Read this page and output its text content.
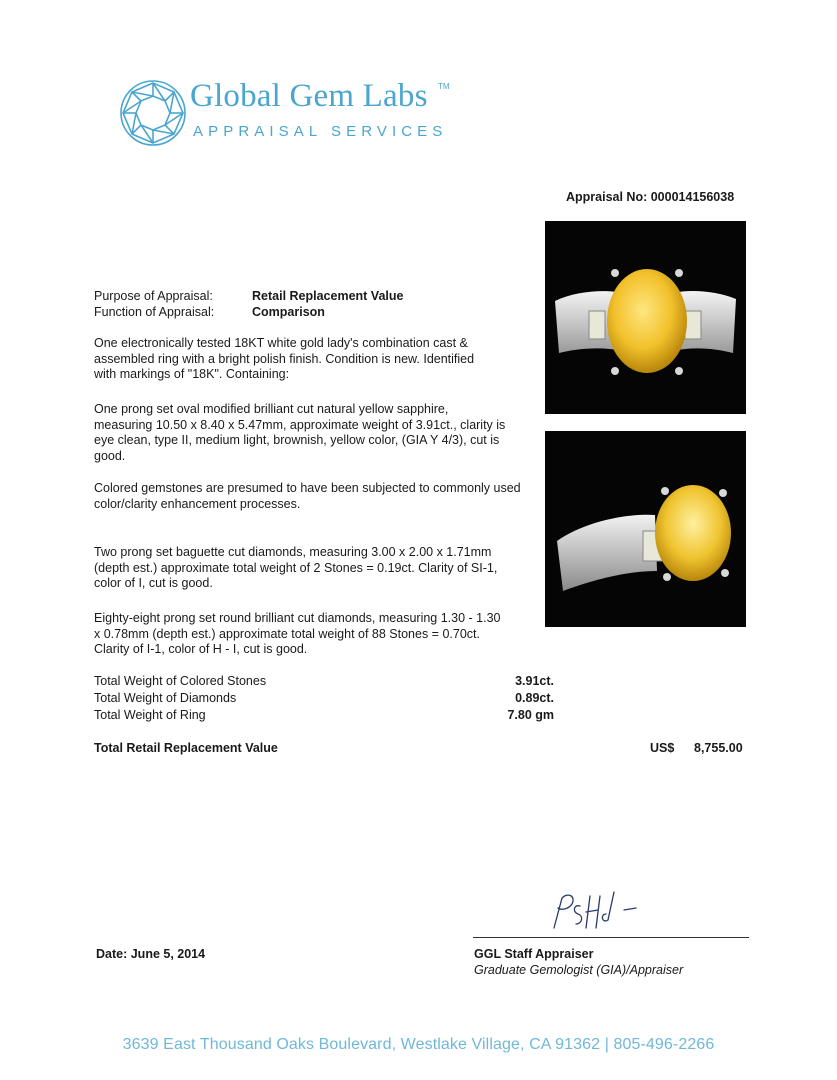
Global Gem Labs TM
APPRAISAL SERVICES
Appraisal No: 000014156038
Purpose of Appraisal:	Retail Replacement Value
Function of Appraisal:	Comparison
One electronically tested 18KT white gold lady's combination cast & assembled ring with a bright polish finish. Condition is new. Identified with markings of "18K". Containing:
One prong set oval modified brilliant cut natural yellow sapphire, measuring 10.50 x 8.40 x 5.47mm, approximate weight of 3.91ct., clarity is eye clean, type II, medium light, brownish, yellow color, (GIA Y 4/3), cut is good.
Colored gemstones are presumed to have been subjected to commonly used color/clarity enhancement processes.
Two prong set baguette cut diamonds, measuring 3.00 x 2.00 x 1.71mm (depth est.) approximate total weight of 2 Stones = 0.19ct. Clarity of SI-1, color of I, cut is good.
Eighty-eight prong set round brilliant cut diamonds, measuring 1.30 - 1.30 x 0.78mm (depth est.) approximate total weight of 88 Stones = 0.70ct. Clarity of I-1, color of H - I, cut is good.
Total Weight of Colored Stones	3.91ct.
Total Weight of Diamonds	0.89ct.
Total Weight of Ring	7.80 gm
Total Retail Replacement Value	US$ 8,755.00
GGL Staff Appraiser
Graduate Gemologist (GIA)/Appraiser
Date: June 5, 2014
3639 East Thousand Oaks Boulevard, Westlake Village, CA 91362 | 805-496-2266
